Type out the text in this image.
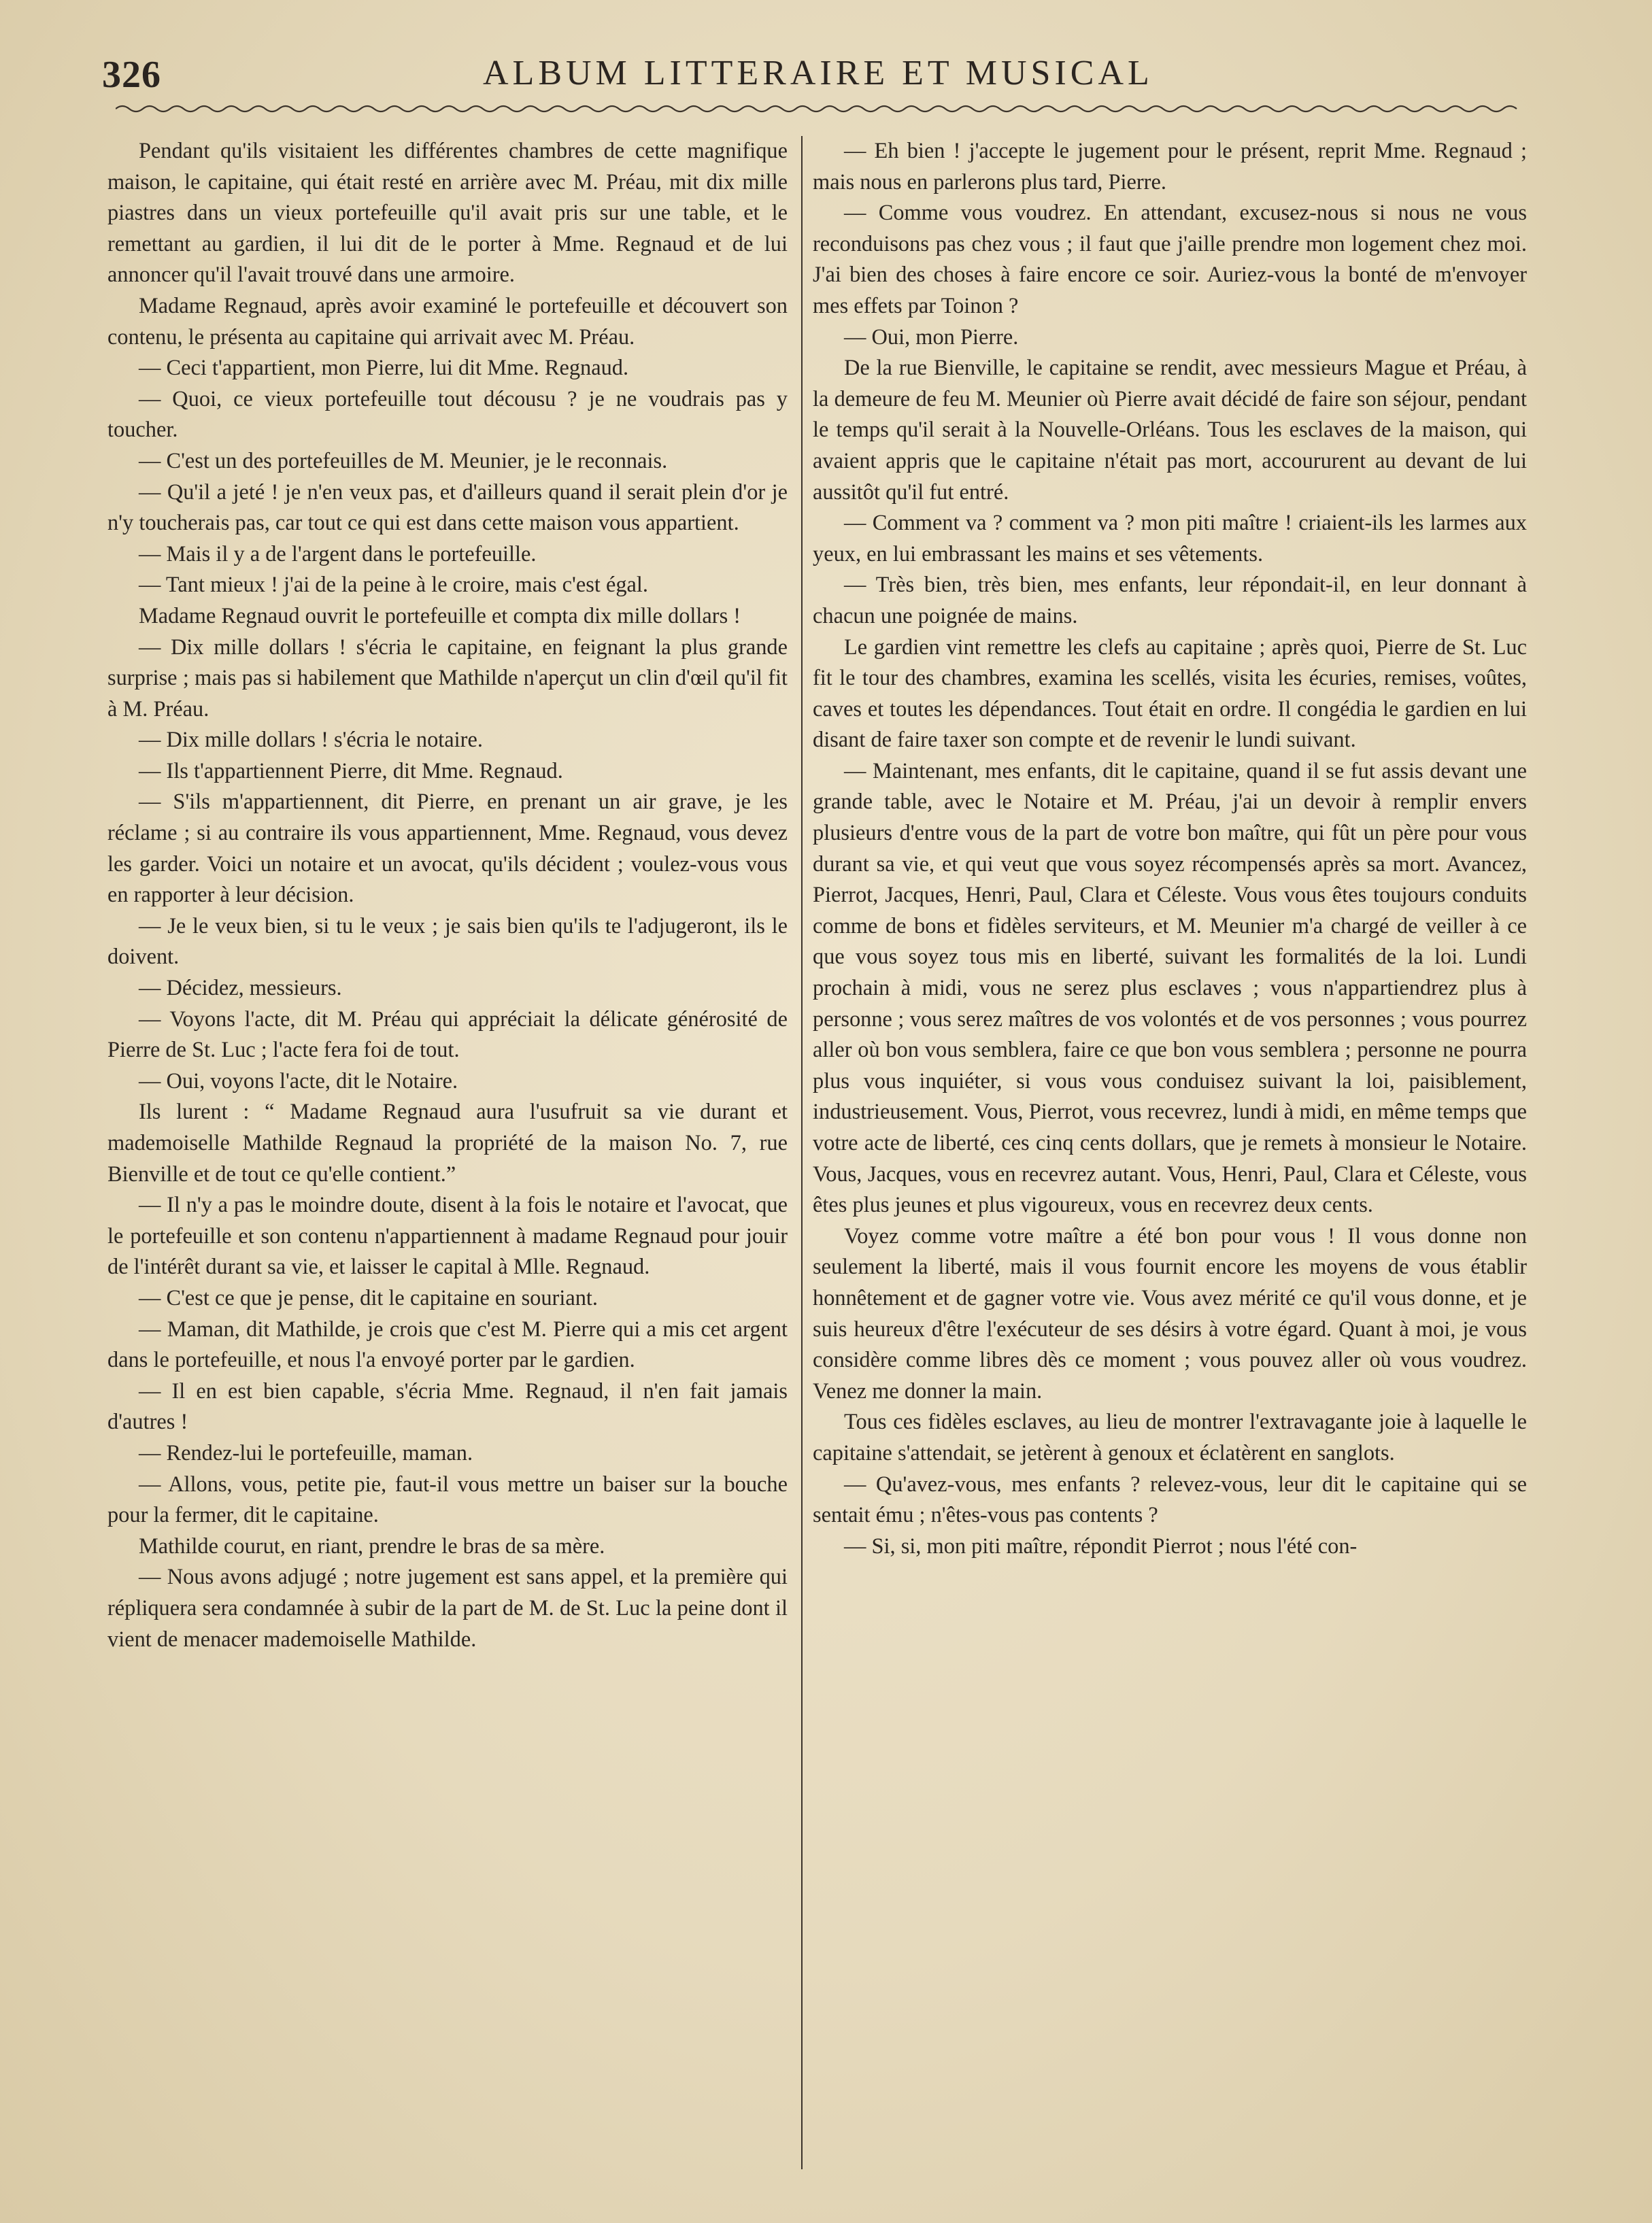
326	ALBUM LITTERAIRE ET MUSICAL

Pendant qu'ils visitaient les différentes chambres de cette magnifique maison, le capitaine, qui était resté en arrière avec M. Préau, mit dix mille piastres dans un vieux portefeuille qu'il avait pris sur une table, et le remettant au gardien, il lui dit de le porter à Mme. Regnaud et de lui annoncer qu'il l'avait trouvé dans une armoire.

Madame Regnaud, après avoir examiné le portefeuille et découvert son contenu, le présenta au capitaine qui arrivait avec M. Préau.

— Ceci t'appartient, mon Pierre, lui dit Mme. Regnaud.

— Quoi, ce vieux portefeuille tout décousu ? je ne voudrais pas y toucher.

— C'est un des portefeuilles de M. Meunier, je le reconnais.

— Qu'il a jeté ! je n'en veux pas, et d'ailleurs quand il serait plein d'or je n'y toucherais pas, car tout ce qui est dans cette maison vous appartient.

— Mais il y a de l'argent dans le portefeuille.

— Tant mieux ! j'ai de la peine à le croire, mais c'est égal.

Madame Regnaud ouvrit le portefeuille et compta dix mille dollars !

— Dix mille dollars ! s'écria le capitaine, en feignant la plus grande surprise ; mais pas si habilement que Mathilde n'aperçut un clin d'œil qu'il fit à M. Préau.

— Dix mille dollars ! s'écria le notaire.

— Ils t'appartiennent Pierre, dit Mme. Regnaud.

— S'ils m'appartiennent, dit Pierre, en prenant un air grave, je les réclame ; si au contraire ils vous appartiennent, Mme. Regnaud, vous devez les garder. Voici un notaire et un avocat, qu'ils décident ; voulez-vous vous en rapporter à leur décision.

— Je le veux bien, si tu le veux ; je sais bien qu'ils te l'adjugeront, ils le doivent.

— Décidez, messieurs.

— Voyons l'acte, dit M. Préau qui appréciait la délicate générosité de Pierre de St. Luc ; l'acte fera foi de tout.

— Oui, voyons l'acte, dit le Notaire.

Ils lurent : “ Madame Regnaud aura l'usufruit sa vie durant et mademoiselle Mathilde Regnaud la propriété de la maison No. 7, rue Bienville et de tout ce qu'elle contient.”

— Il n'y a pas le moindre doute, disent à la fois le notaire et l'avocat, que le portefeuille et son contenu n'appartiennent à madame Regnaud pour jouir de l'intérêt durant sa vie, et laisser le capital à Mlle. Regnaud.

— C'est ce que je pense, dit le capitaine en souriant.

— Maman, dit Mathilde, je crois que c'est M. Pierre qui a mis cet argent dans le portefeuille, et nous l'a envoyé porter par le gardien.

— Il en est bien capable, s'écria Mme. Regnaud, il n'en fait jamais d'autres !

— Rendez-lui le portefeuille, maman.

— Allons, vous, petite pie, faut-il vous mettre un baiser sur la bouche pour la fermer, dit le capitaine.

Mathilde courut, en riant, prendre le bras de sa mère.

— Nous avons adjugé ; notre jugement est sans appel, et la première qui répliquera sera condamnée à subir de la part de M. de St. Luc la peine dont il vient de menacer mademoiselle Mathilde.

— Eh bien ! j'accepte le jugement pour le présent, reprit Mme. Regnaud ; mais nous en parlerons plus tard, Pierre.

— Comme vous voudrez. En attendant, excusez-nous si nous ne vous reconduisons pas chez vous ; il faut que j'aille prendre mon logement chez moi. J'ai bien des choses à faire encore ce soir. Auriez-vous la bonté de m'envoyer mes effets par Toinon ?

— Oui, mon Pierre.

De la rue Bienville, le capitaine se rendit, avec messieurs Mague et Préau, à la demeure de feu M. Meunier où Pierre avait décidé de faire son séjour, pendant le temps qu'il serait à la Nouvelle-Orléans. Tous les esclaves de la maison, qui avaient appris que le capitaine n'était pas mort, accoururent au devant de lui aussitôt qu'il fut entré.

— Comment va ? comment va ? mon piti maître ! criaient-ils les larmes aux yeux, en lui embrassant les mains et ses vêtements.

— Très bien, très bien, mes enfants, leur répondait-il, en leur donnant à chacun une poignée de mains.

Le gardien vint remettre les clefs au capitaine ; après quoi, Pierre de St. Luc fit le tour des chambres, examina les scellés, visita les écuries, remises, voûtes, caves et toutes les dépendances. Tout était en ordre. Il congédia le gardien en lui disant de faire taxer son compte et de revenir le lundi suivant.

— Maintenant, mes enfants, dit le capitaine, quand il se fut assis devant une grande table, avec le Notaire et M. Préau, j'ai un devoir à remplir envers plusieurs d'entre vous de la part de votre bon maître, qui fût un père pour vous durant sa vie, et qui veut que vous soyez récompensés après sa mort. Avancez, Pierrot, Jacques, Henri, Paul, Clara et Céleste. Vous vous êtes toujours conduits comme de bons et fidèles serviteurs, et M. Meunier m'a chargé de veiller à ce que vous soyez tous mis en liberté, suivant les formalités de la loi. Lundi prochain à midi, vous ne serez plus esclaves ; vous n'appartiendrez plus à personne ; vous serez maîtres de vos volontés et de vos personnes ; vous pourrez aller où bon vous semblera, faire ce que bon vous semblera ; personne ne pourra plus vous inquiéter, si vous vous conduisez suivant la loi, paisiblement, industrieusement. Vous, Pierrot, vous recevrez, lundi à midi, en même temps que votre acte de liberté, ces cinq cents dollars, que je remets à monsieur le Notaire. Vous, Jacques, vous en recevrez autant. Vous, Henri, Paul, Clara et Céleste, vous êtes plus jeunes et plus vigoureux, vous en recevrez deux cents.

Voyez comme votre maître a été bon pour vous ! Il vous donne non seulement la liberté, mais il vous fournit encore les moyens de vous établir honnêtement et de gagner votre vie. Vous avez mérité ce qu'il vous donne, et je suis heureux d'être l'exécuteur de ses désirs à votre égard. Quant à moi, je vous considère comme libres dès ce moment ; vous pouvez aller où vous voudrez. Venez me donner la main.

Tous ces fidèles esclaves, au lieu de montrer l'extravagante joie à laquelle le capitaine s'attendait, se jetèrent à genoux et éclatèrent en sanglots.

— Qu'avez-vous, mes enfants ? relevez-vous, leur dit le capitaine qui se sentait ému ; n'êtes-vous pas contents ?

— Si, si, mon piti maître, répondit Pierrot ; nous l'été con-
